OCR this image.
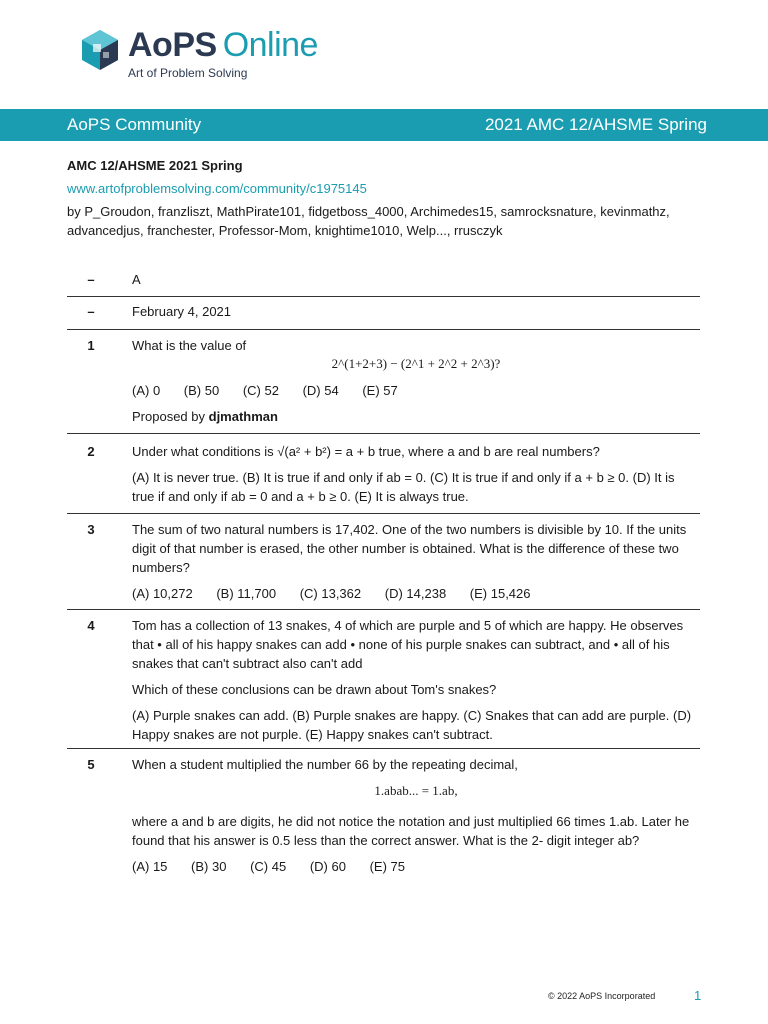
AoPS Online
Art of Problem Solving
AoPS Community	2021 AMC 12/AHSME Spring
AMC 12/AHSME 2021 Spring
www.artofproblemsolving.com/community/c1975145
by P_Groudon, franzliszt, MathPirate101, fidgetboss_4000, Archimedes15, samrocksnature, kevinmathz, advancedjus, franchester, Professor-Mom, knightime1010, Welp..., rrusczyk
–	A
–	February 4, 2021
1	What is the value of

2^(1+2+3) − (2^1 + 2^2 + 2^3)?

(A) 0 (B) 50 (C) 52 (D) 54 (E) 57

Proposed by djmathman

2	Under what conditions is √(a² + b²) = a + b true, where a and b are real numbers?

(A) It is never true. (B) It is true if and only if ab = 0. (C) It is true if and only if a + b ≥ 0. (D) It is true if and only if ab = 0 and a + b ≥ 0. (E) It is always true.

3	The sum of two natural numbers is 17,402. One of the two numbers is divisible by 10. If the units digit of that number is erased, the other number is obtained. What is the difference of these two numbers?

(A) 10,272 (B) 11,700 (C) 13,362 (D) 14,238 (E) 15,426

4	Tom has a collection of 13 snakes, 4 of which are purple and 5 of which are happy. He observes that • all of his happy snakes can add • none of his purple snakes can subtract, and • all of his snakes that can't subtract also can't add

Which of these conclusions can be drawn about Tom's snakes?

(A) Purple snakes can add. (B) Purple snakes are happy. (C) Snakes that can add are purple. (D) Happy snakes are not purple. (E) Happy snakes can't subtract.

5	When a student multiplied the number 66 by the repeating decimal,

1.abab... = 1.ab,

where a and b are digits, he did not notice the notation and just multiplied 66 times 1.ab. Later he found that his answer is 0.5 less than the correct answer. What is the 2- digit integer ab?

(A) 15 (B) 30 (C) 45 (D) 60 (E) 75

© 2022 AoPS Incorporated	1
